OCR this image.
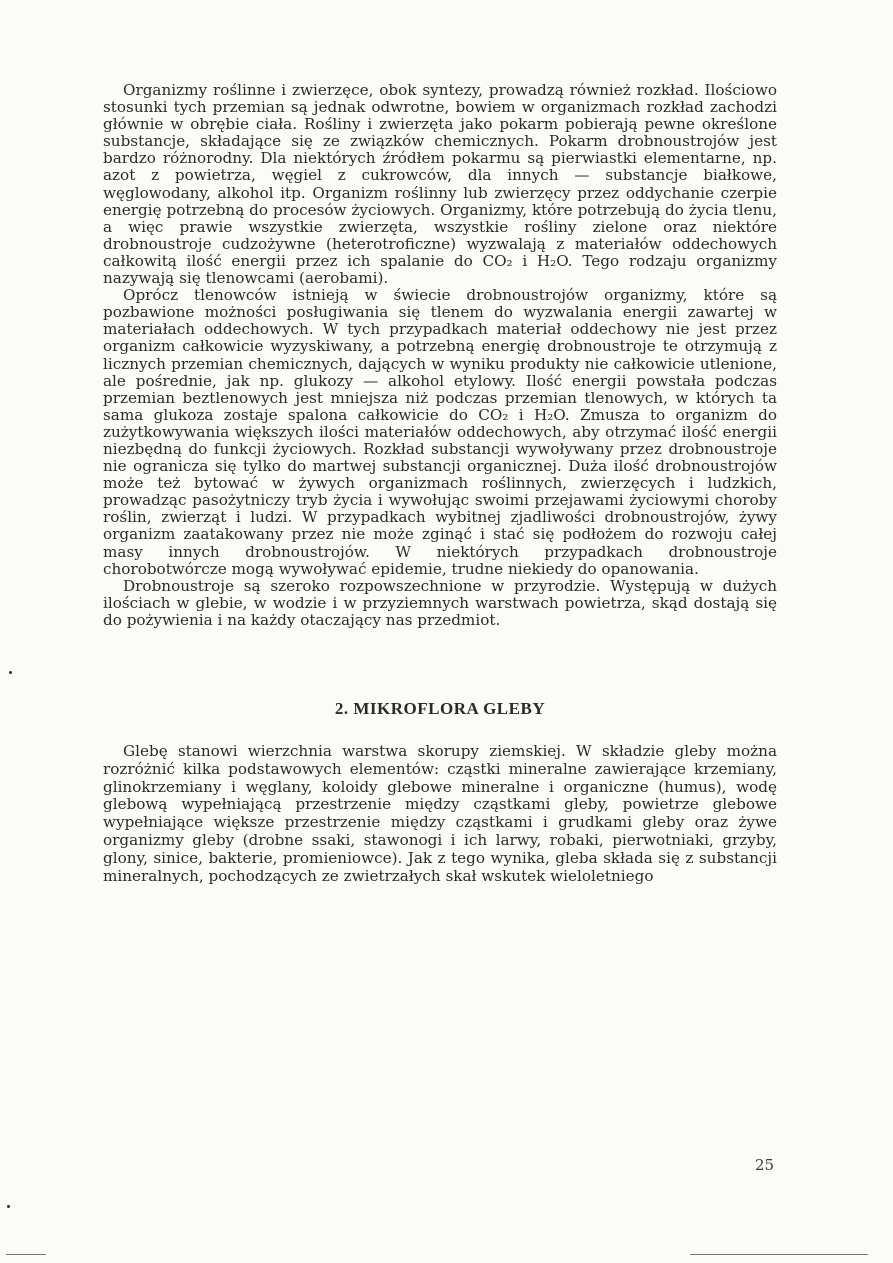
Organizmy roślinne i zwierzęce, obok syntezy, prowadzą również rozkład. Ilościowo stosunki tych przemian są jednak odwrotne, bowiem w organizmach rozkład zachodzi głównie w obrębie ciała. Rośliny i zwierzęta jako pokarm pobierają pewne określone substancje, składające się ze związków chemicznych. Pokarm drobnoustrojów jest bardzo różnorodny. Dla niektórych źródłem pokarmu są pierwiastki elementarne, np. azot z powietrza, węgiel z cukrowców, dla innych — substancje białkowe, węglowodany, alkohol itp. Organizm roślinny lub zwierzęcy przez oddychanie czerpie energię potrzebną do procesów życiowych. Organizmy, które potrzebują do życia tlenu, a więc prawie wszystkie zwierzęta, wszystkie rośliny zielone oraz niektóre drobnoustroje cudzożywne (heterotroficzne) wyzwalają z materiałów oddechowych całkowitą ilość energii przez ich spalanie do CO₂ i H₂O. Tego rodzaju organizmy nazywają się tlenowcami (aerobami).

Oprócz tlenowców istnieją w świecie drobnoustrojów organizmy, które są pozbawione możności posługiwania się tlenem do wyzwalania energii zawartej w materiałach oddechowych. W tych przypadkach materiał oddechowy nie jest przez organizm całkowicie wyzyskiwany, a potrzebną energię drobnoustroje te otrzymują z licznych przemian chemicznych, dających w wyniku produkty nie całkowicie utlenione, ale pośrednie, jak np. glukozy — alkohol etylowy. Ilość energii powstała podczas przemian beztlenowych jest mniejsza niż podczas przemian tlenowych, w których ta sama glukoza zostaje spalona całkowicie do CO₂ i H₂O. Zmusza to organizm do zużytkowywania większych ilości materiałów oddechowych, aby otrzymać ilość energii niezbędną do funkcji życiowych. Rozkład substancji wywoływany przez drobnoustroje nie ogranicza się tylko do martwej substancji organicznej. Duża ilość drobnoustrojów może też bytować w żywych organizmach roślinnych, zwierzęcych i ludzkich, prowadząc pasożytniczy tryb życia i wywołując swoimi przejawami życiowymi choroby roślin, zwierząt i ludzi. W przypadkach wybitnej zjadliwości drobnoustrojów, żywy organizm zaatakowany przez nie może zginąć i stać się podłożem do rozwoju całej masy innych drobnoustrojów. W niektórych przypadkach drobnoustroje chorobotwórcze mogą wywoływać epidemie, trudne niekiedy do opanowania.

Drobnoustroje są szeroko rozpowszechnione w przyrodzie. Występują w dużych ilościach w glebie, w wodzie i w przyziemnych warstwach powietrza, skąd dostają się do pożywienia i na każdy otaczający nas przedmiot.

2. MIKROFLORA GLEBY

Glebę stanowi wierzchnia warstwa skorupy ziemskiej. W składzie gleby można rozróżnić kilka podstawowych elementów: cząstki mineralne zawierające krzemiany, glinokrzemiany i węglany, koloidy glebowe mineralne i organiczne (humus), wodę glebową wypełniającą przestrzenie między cząstkami gleby, powietrze glebowe wypełniające większe przestrzenie między cząstkami i grudkami gleby oraz żywe organizmy gleby (drobne ssaki, stawonogi i ich larwy, robaki, pierwotniaki, grzyby, glony, sinice, bakterie, promieniowce). Jak z tego wynika, gleba składa się z substancji mineralnych, pochodzących ze zwietrzałych skał wskutek wieloletniego

25
